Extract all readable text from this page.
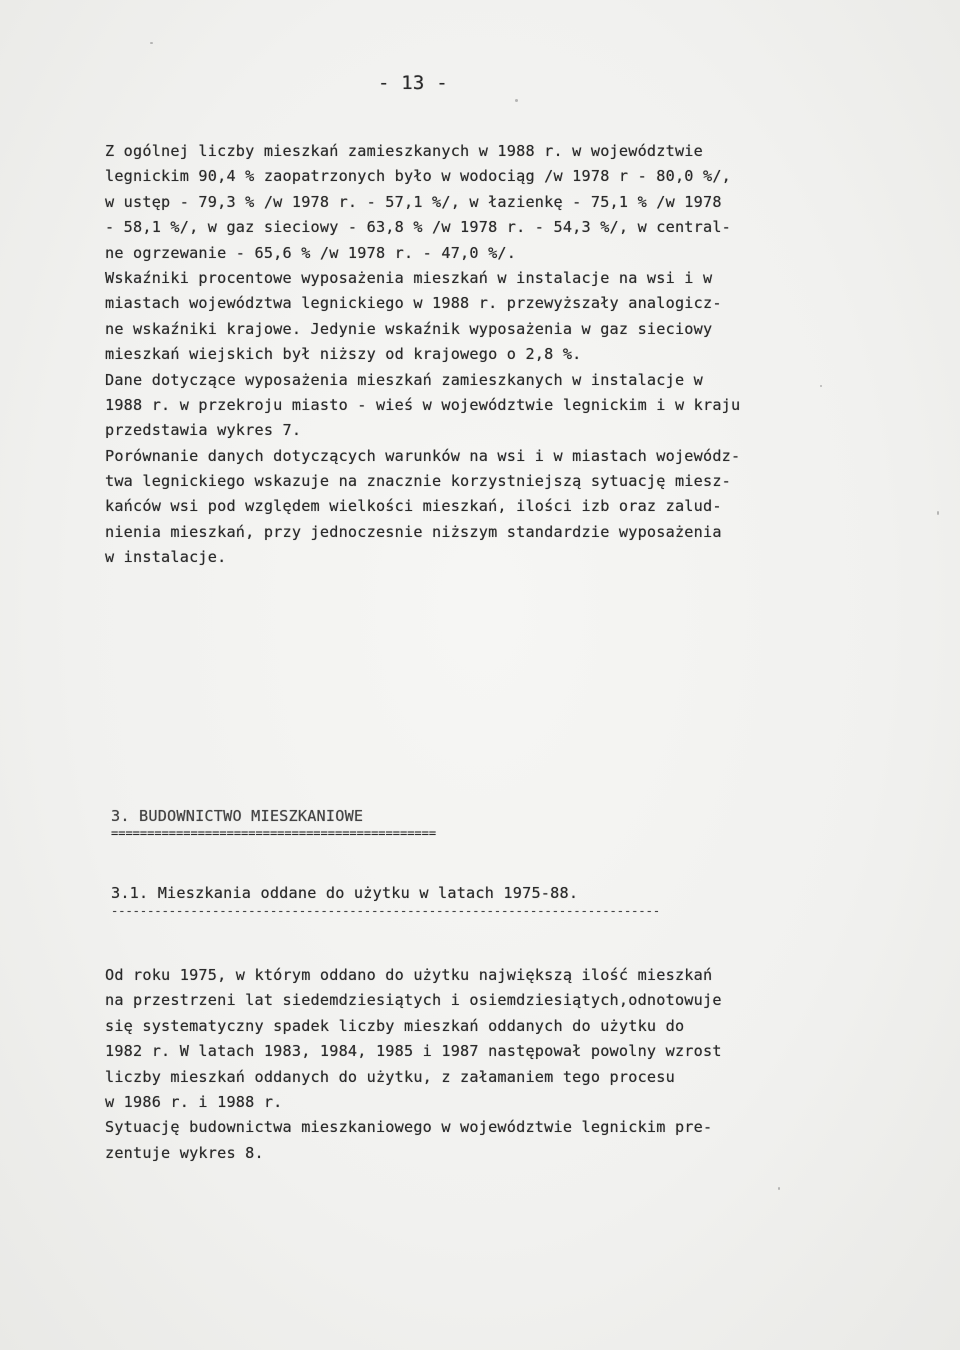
- 13 -
Z ogólnej liczby mieszkań zamieszkanych w 1988 r. w województwie
legnickim 90,4 % zaopatrzonych było w wodociąg /w 1978 r - 80,0 %/,
w ustęp - 79,3 % /w 1978 r. - 57,1 %/, w łazienkę - 75,1 % /w 1978
- 58,1 %/, w gaz sieciowy - 63,8 % /w 1978 r. - 54,3 %/, w central-
ne ogrzewanie - 65,6 % /w 1978 r. - 47,0 %/.
Wskaźniki procentowe wyposażenia mieszkań w instalacje na wsi i w
miastach województwa legnickiego w 1988 r. przewyższały analogicz-
ne wskaźniki krajowe. Jedynie wskaźnik wyposażenia w gaz sieciowy
mieszkań wiejskich był niższy od krajowego o 2,8 %.
Dane dotyczące wyposażenia mieszkań zamieszkanych w instalacje w
1988 r. w przekroju miasto - wieś w województwie legnickim i w kraju
przedstawia wykres 7.
Porównanie danych dotyczących warunków na wsi i w miastach wojewódz-
twa legnickiego wskazuje na znacznie korzystniejszą sytuację miesz-
kańców wsi pod względem wielkości mieszkań, ilości izb oraz zalud-
nienia mieszkań, przy jednoczesnie niższym standardzie wyposażenia
w instalacje.
3. BUDOWNICTWO MIESZKANIOWE
=============================================
3.1. Mieszkania oddane do użytku w latach 1975-88.
----------------------------------------------------------------------------
Od roku 1975, w którym oddano do użytku największą ilość mieszkań
na przestrzeni lat siedemdziesiątych i osiemdziesiątych,odnotowuje
się systematyczny spadek liczby mieszkań oddanych do użytku do
1982 r. W latach 1983, 1984, 1985 i 1987 następował powolny wzrost
liczby mieszkań oddanych do użytku, z załamaniem tego procesu
w 1986 r. i 1988 r.
Sytuację budownictwa mieszkaniowego w województwie legnickim pre-
zentuje wykres 8.
